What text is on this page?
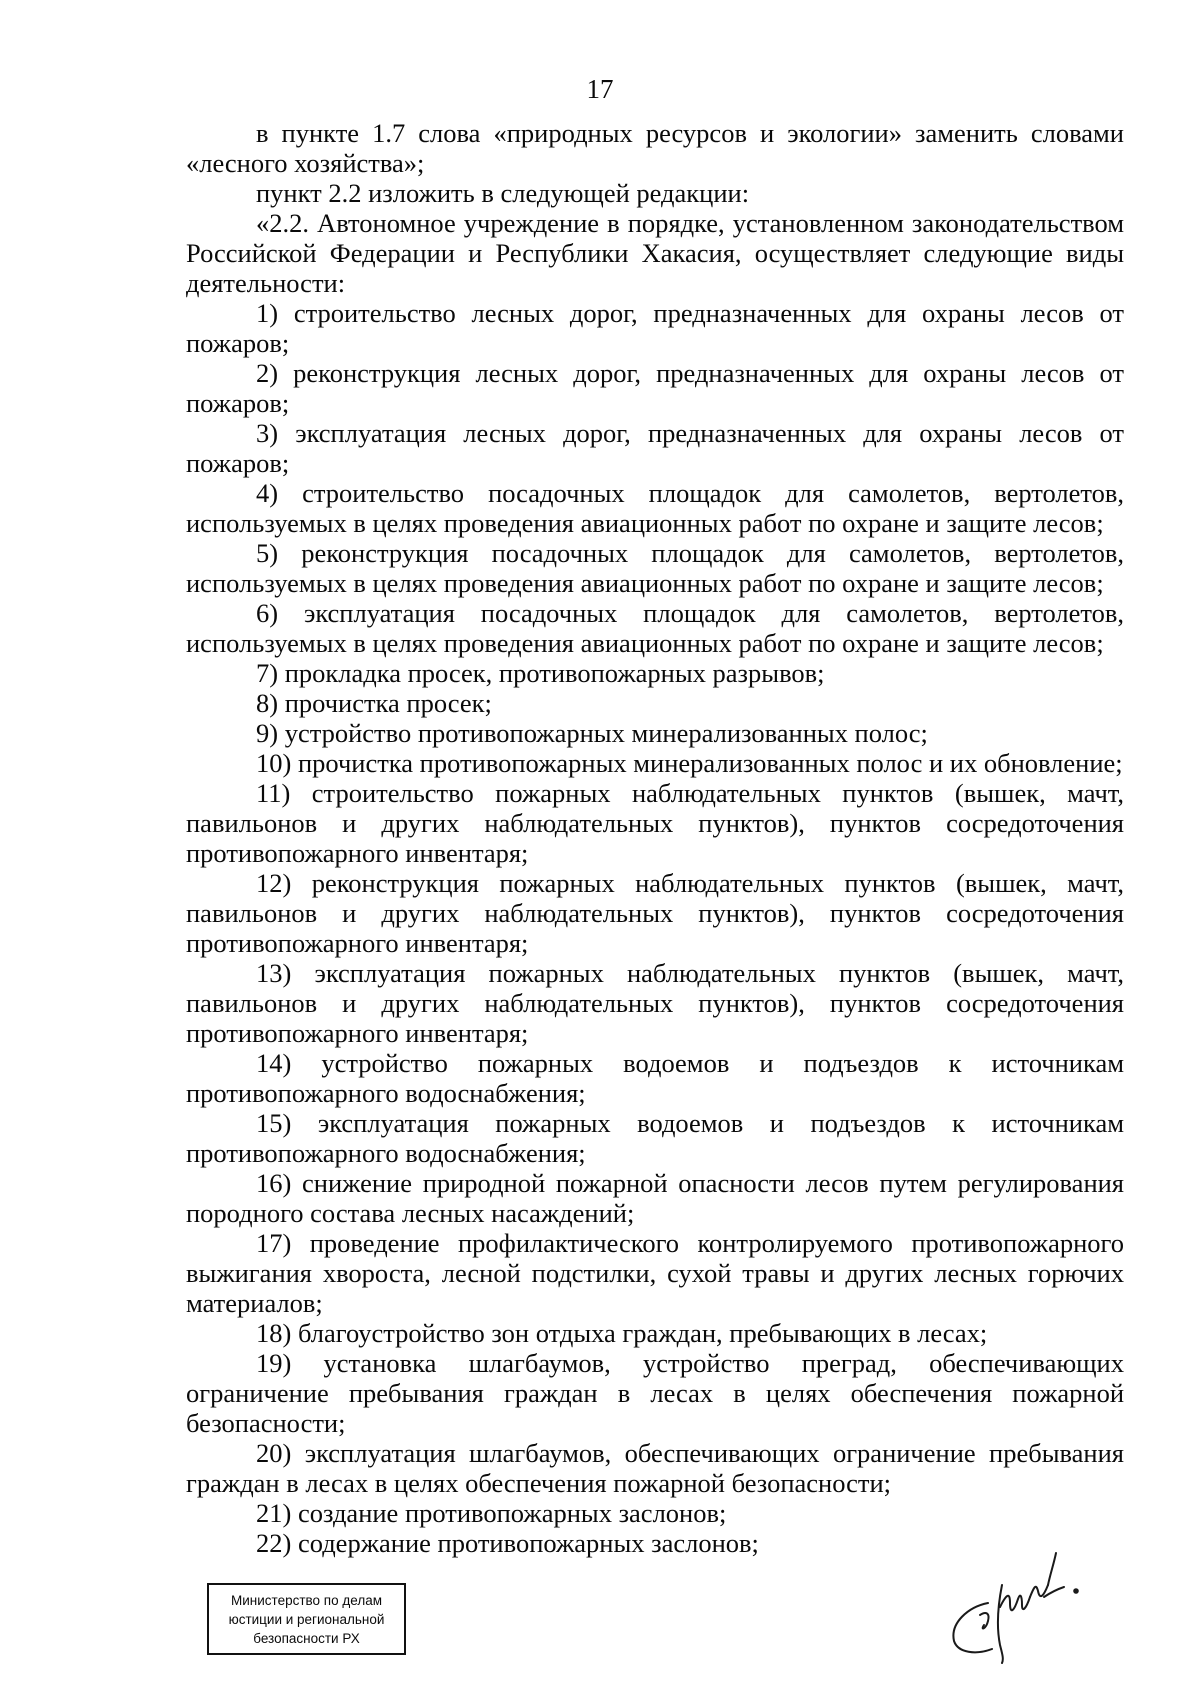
17

в пункте 1.7 слова «природных ресурсов и экологии» заменить словами «лесного хозяйства»;

пункт 2.2 изложить в следующей редакции:

«2.2. Автономное учреждение в порядке, установленном законодательством Российской Федерации и Республики Хакасия, осуществляет следующие виды деятельности:

1) строительство лесных дорог, предназначенных для охраны лесов от пожаров;

2) реконструкция лесных дорог, предназначенных для охраны лесов от пожаров;

3) эксплуатация лесных дорог, предназначенных для охраны лесов от пожаров;

4) строительство посадочных площадок для самолетов, вертолетов, используемых в целях проведения авиационных работ по охране и защите лесов;

5) реконструкция посадочных площадок для самолетов, вертолетов, используемых в целях проведения авиационных работ по охране и защите лесов;

6) эксплуатация посадочных площадок для самолетов, вертолетов, используемых в целях проведения авиационных работ по охране и защите лесов;

7) прокладка просек, противопожарных разрывов;

8) прочистка просек;

9) устройство противопожарных минерализованных полос;

10) прочистка противопожарных минерализованных полос и их обновление;

11) строительство пожарных наблюдательных пунктов (вышек, мачт, павильонов и других наблюдательных пунктов), пунктов сосредоточения противопожарного инвентаря;

12) реконструкция пожарных наблюдательных пунктов (вышек, мачт, павильонов и других наблюдательных пунктов), пунктов сосредоточения противопожарного инвентаря;

13) эксплуатация пожарных наблюдательных пунктов (вышек, мачт, павильонов и других наблюдательных пунктов), пунктов сосредоточения противопожарного инвентаря;

14) устройство пожарных водоемов и подъездов к источникам противопожарного водоснабжения;

15) эксплуатация пожарных водоемов и подъездов к источникам противопожарного водоснабжения;

16) снижение природной пожарной опасности лесов путем регулирования породного состава лесных насаждений;

17) проведение профилактического контролируемого противопожарного выжигания хвороста, лесной подстилки, сухой травы и других лесных горючих материалов;

18) благоустройство зон отдыха граждан, пребывающих в лесах;

19) установка шлагбаумов, устройство преград, обеспечивающих ограничение пребывания граждан в лесах в целях обеспечения пожарной безопасности;

20) эксплуатация шлагбаумов, обеспечивающих ограничение пребывания граждан в лесах в целях обеспечения пожарной безопасности;

21) создание противопожарных заслонов;

22) содержание противопожарных заслонов;

Министерство по делам
юстиции и региональной
безопасности РХ
